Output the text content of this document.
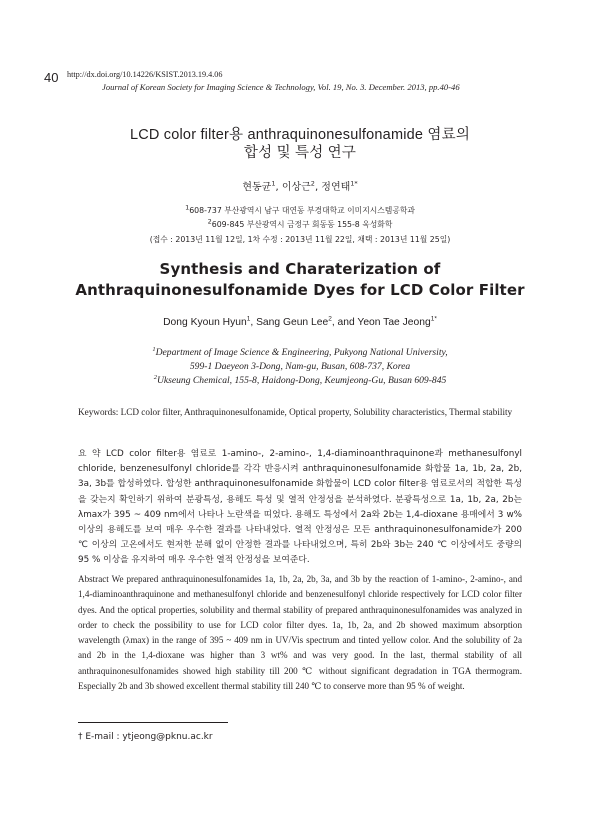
40 http://dx.doi.org/10.14226/KSIST.2013.19.4.06
Journal of Korean Society for Imaging Science & Technology, Vol. 19, No. 3. December. 2013, pp.40-46
LCD color filter용 anthraquinonesulfonamide 염료의
합성 및 특성 연구
현동균$^1$, 이상근$^2$, 정연태$^{1*}$
$^1$608-737 부산광역시 남구 대연동 부경대학교 이미지시스템공학과
$^2$609-845 부산광역시 금정구 회동동 155-8 욱성화학
(접수 : 2013년 11월 12일, 1차 수정 : 2013년 11월 22일, 채택 : 2013년 11월 25일)
Synthesis and Charaterization of
Anthraquinonesulfonamide Dyes for LCD Color Filter
Dong Kyoun Hyun$^1$, Sang Geun Lee$^2$, and Yeon Tae Jeong$^{1*}$
$^1$Department of Image Science & Engineering, Pukyong National University,
599-1 Daeyeon 3-Dong, Nam-gu, Busan, 608-737, Korea
$^2$Ukseung Chemical, 155-8, Haidong-Dong, Keumjeong-Gu, Busan 609-845
Keywords: LCD color filter, Anthraquinonesulfonamide, Optical property, Solubility characteristics, Thermal stability
요 약 LCD color filter용 염료로 1-amino-, 2-amino-, 1,4-diaminoanthraquinone과 methanesulfonyl chloride, benzenesulfonyl chloride를 각각 반응시켜 anthraquinonesulfonamide 화합물 1a, 1b, 2a, 2b, 3a, 3b를 합성하였다. 합성한 anthraquinonesulfonamide 화합물이 LCD color filter용 염료로서의 적합한 특성을 갖는지 확인하기 위하여 분광특성, 용해도 특성 및 열적 안정성을 분석하였다. 분광특성으로 1a, 1b, 2a, 2b는 λmax가 395 ~ 409 nm에서 나타나 노란색을 띠었다. 용해도 특성에서 2a와 2b는 1,4-dioxane 용매에서 3 w% 이상의 용해도를 보여 매우 우수한 결과를 나타내었다. 열적 안정성은 모든 anthraquinonesulfonamide가 200 ℃ 이상의 고온에서도 현저한 분해 없이 안정한 결과를 나타내었으며, 특히 2b와 3b는 240 ℃ 이상에서도 중량의 95 % 이상을 유지하여 매우 우수한 열적 안정성을 보여준다.
Abstract We prepared anthraquinonesulfonamides 1a, 1b, 2a, 2b, 3a, and 3b by the reaction of 1-amino-, 2-amino-, and 1,4-diaminoanthraquinone and methanesulfonyl chloride and benzenesulfonyl chloride respectively for LCD color filter dyes. And the optical properties, solubility and thermal stability of prepared anthraquinonesulfonamides was analyzed in order to check the possibility to use for LCD color filter dyes. 1a, 1b, 2a, and 2b showed maximum absorption wavelength (λmax) in the range of 395 ~ 409 nm in UV/Vis spectrum and tinted yellow color. And the solubility of 2a and 2b in the 1,4-dioxane was higher than 3 wt% and was very good. In the last, thermal stability of all anthraquinonesulfonamides showed high stability till 200 ℃ without significant degradation in TGA thermogram. Especially 2b and 3b showed excellent thermal stability till 240 ℃ to conserve more than 95 % of weight.
† E-mail : ytjeong@pknu.ac.kr
